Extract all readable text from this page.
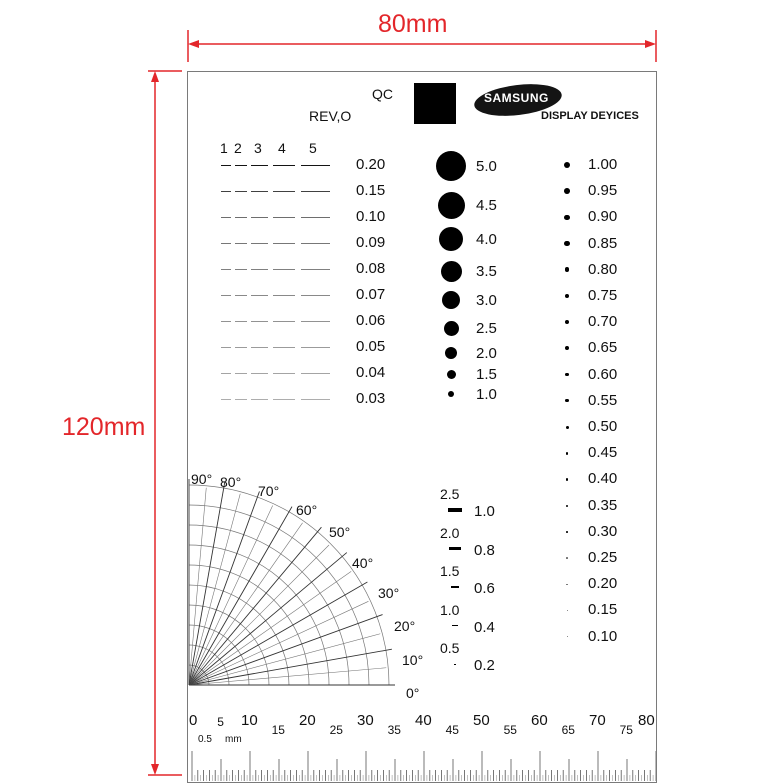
80mm
120mm
QC
REV,O
SAMSUNG
DISPLAY DEYICES
1 2 3 4 5
0.20
0.15
0.10
0.09
0.08
0.07
0.06
0.05
0.04
0.03
5.0
4.5
4.0
3.5
3.0
2.5
2.0
1.5
1.0
1.00
0.95
0.90
0.85
0.80
0.75
0.70
0.65
0.60
0.55
0.50
0.45
0.40
0.35
0.30
0.25
0.20
0.15
0.10
2.5
1.0
2.0
0.8
1.5
0.6
1.0
0.4
0.5
0.2
0°
10°
20°
30°
40°
50°
60°
70°
80°
90°
0	10	20	30	40	50	60	70 80
5
15	25	35	45	55	65	75
0.5 mm
